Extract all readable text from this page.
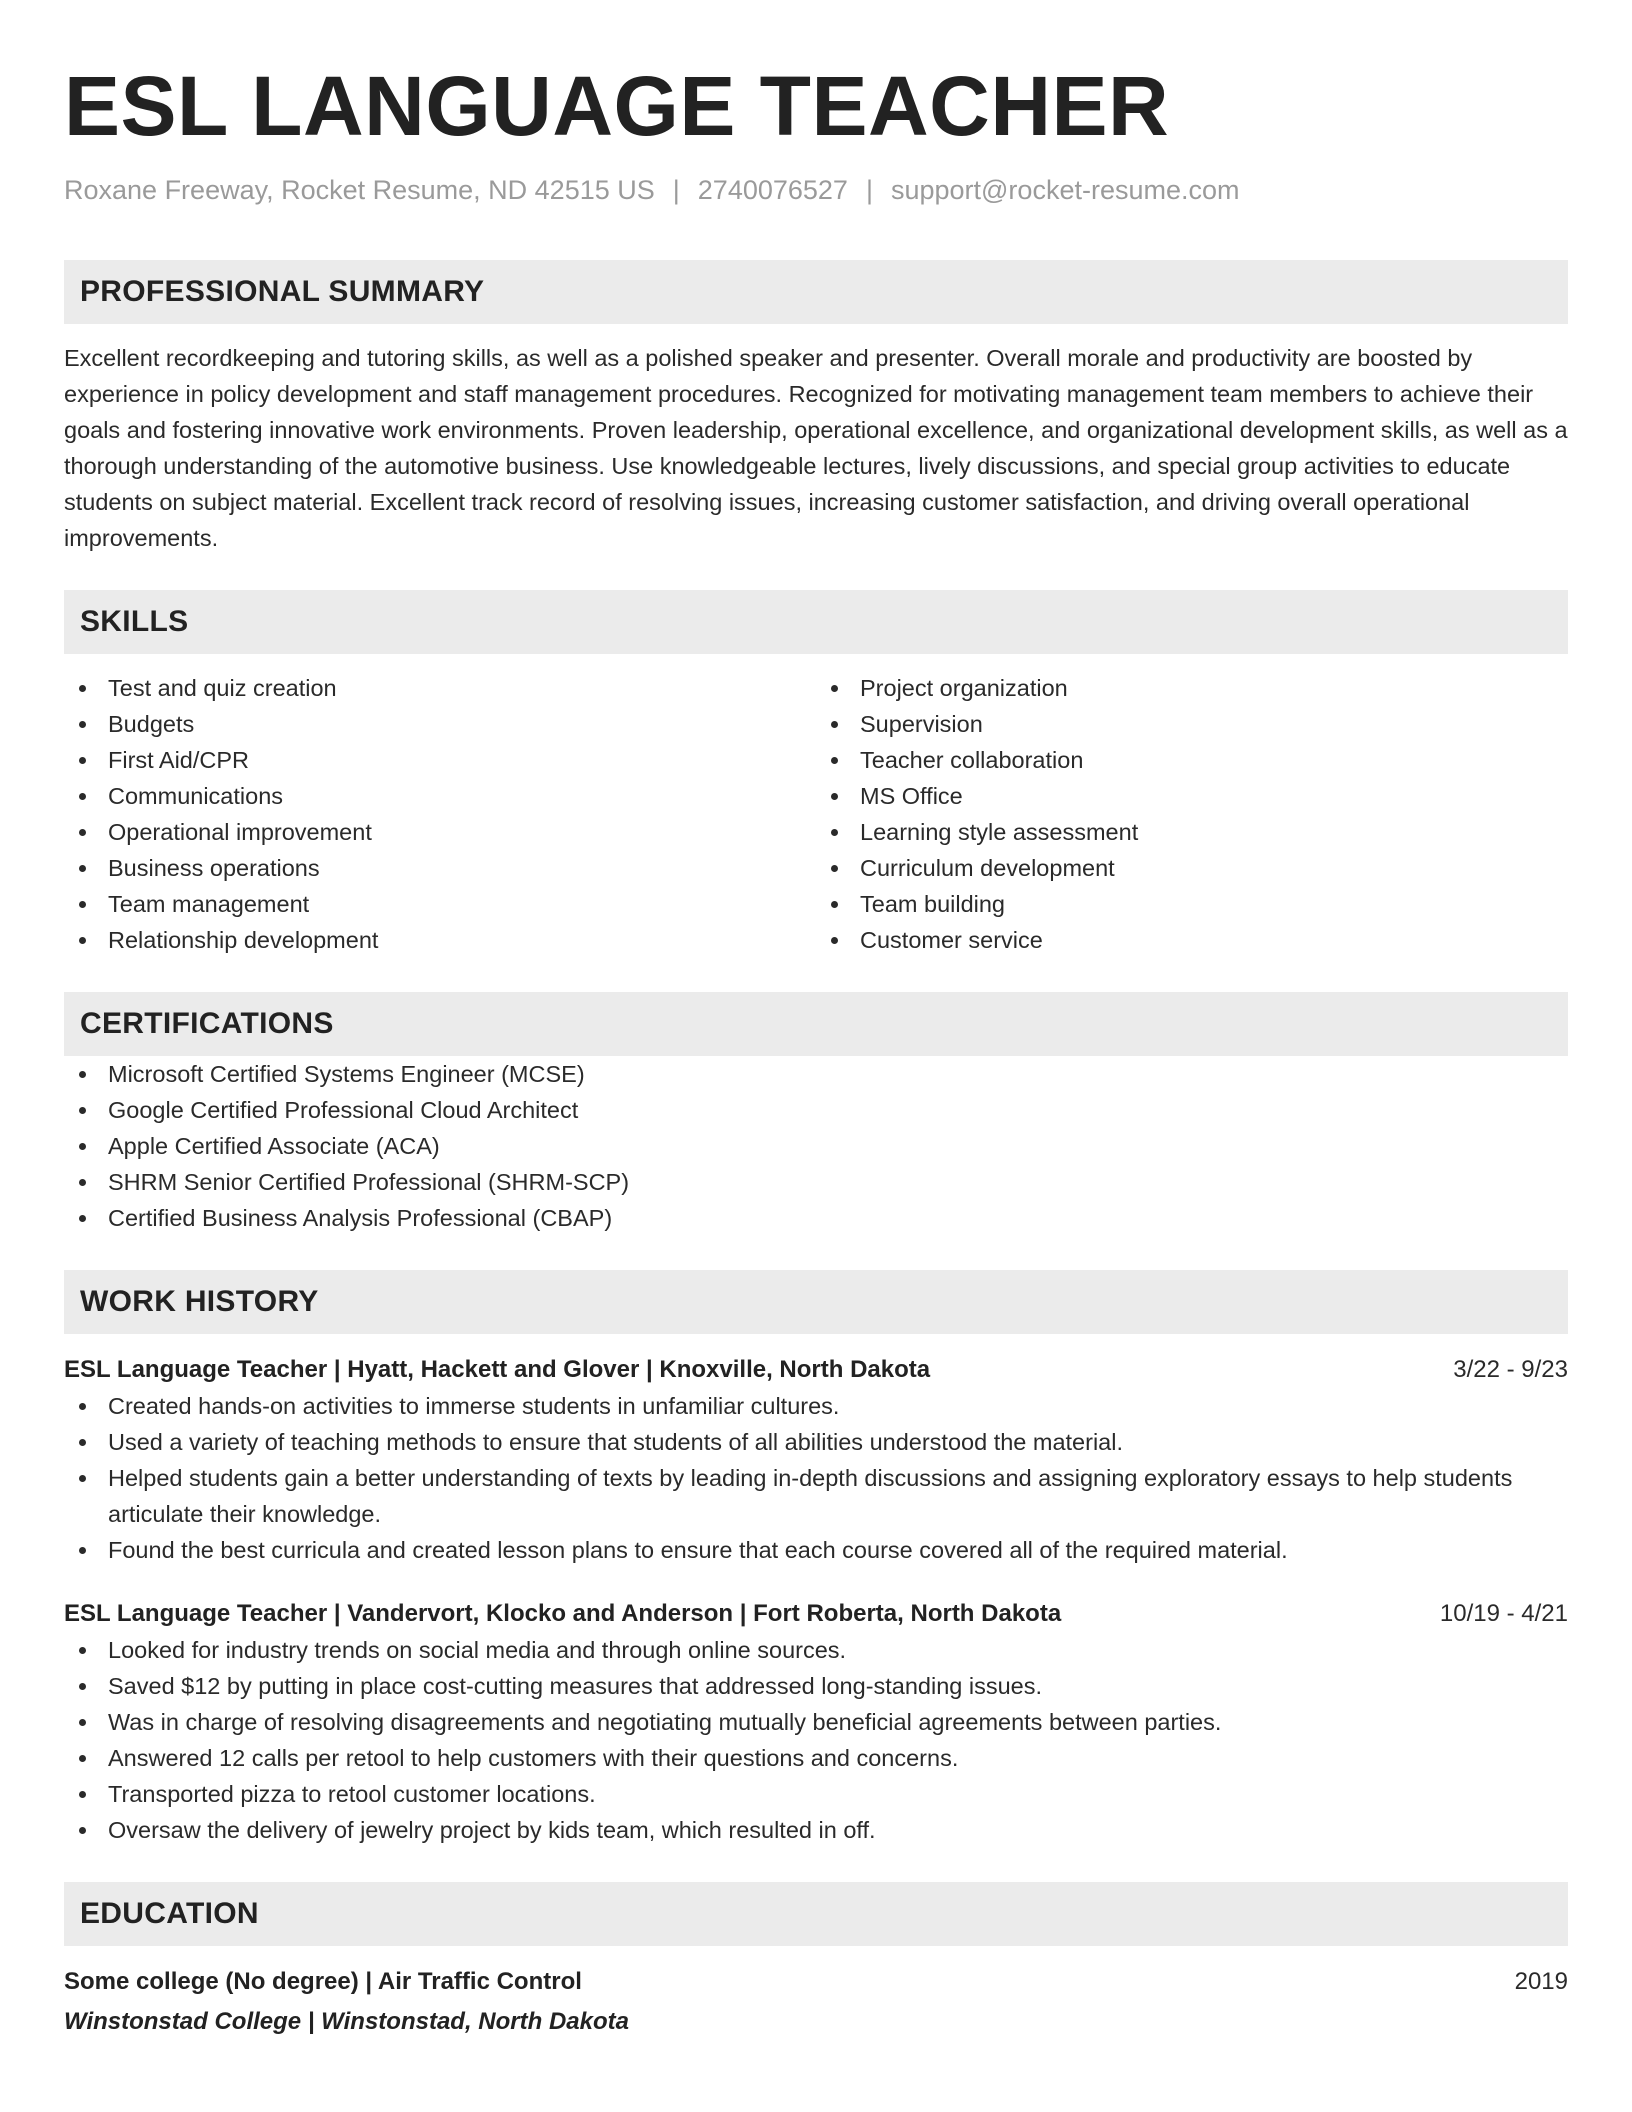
ESL LANGUAGE TEACHER
Roxane Freeway, Rocket Resume, ND 42515 US | 2740076527 | support@rocket-resume.com
PROFESSIONAL SUMMARY
Excellent recordkeeping and tutoring skills, as well as a polished speaker and presenter. Overall morale and productivity are boosted by experience in policy development and staff management procedures. Recognized for motivating management team members to achieve their goals and fostering innovative work environments. Proven leadership, operational excellence, and organizational development skills, as well as a thorough understanding of the automotive business. Use knowledgeable lectures, lively discussions, and special group activities to educate students on subject material. Excellent track record of resolving issues, increasing customer satisfaction, and driving overall operational improvements.
SKILLS
Test and quiz creation
Budgets
First Aid/CPR
Communications
Operational improvement
Business operations
Team management
Relationship development
Project organization
Supervision
Teacher collaboration
MS Office
Learning style assessment
Curriculum development
Team building
Customer service
CERTIFICATIONS
Microsoft Certified Systems Engineer (MCSE)
Google Certified Professional Cloud Architect
Apple Certified Associate (ACA)
SHRM Senior Certified Professional (SHRM-SCP)
Certified Business Analysis Professional (CBAP)
WORK HISTORY
ESL Language Teacher | Hyatt, Hackett and Glover | Knoxville, North Dakota	3/22 - 9/23
Created hands-on activities to immerse students in unfamiliar cultures.
Used a variety of teaching methods to ensure that students of all abilities understood the material.
Helped students gain a better understanding of texts by leading in-depth discussions and assigning exploratory essays to help students articulate their knowledge.
Found the best curricula and created lesson plans to ensure that each course covered all of the required material.
ESL Language Teacher | Vandervort, Klocko and Anderson | Fort Roberta, North Dakota	10/19 - 4/21
Looked for industry trends on social media and through online sources.
Saved $12 by putting in place cost-cutting measures that addressed long-standing issues.
Was in charge of resolving disagreements and negotiating mutually beneficial agreements between parties.
Answered 12 calls per retool to help customers with their questions and concerns.
Transported pizza to retool customer locations.
Oversaw the delivery of jewelry project by kids team, which resulted in off.
EDUCATION
Some college (No degree) | Air Traffic Control	2019
Winstonstad College | Winstonstad, North Dakota
